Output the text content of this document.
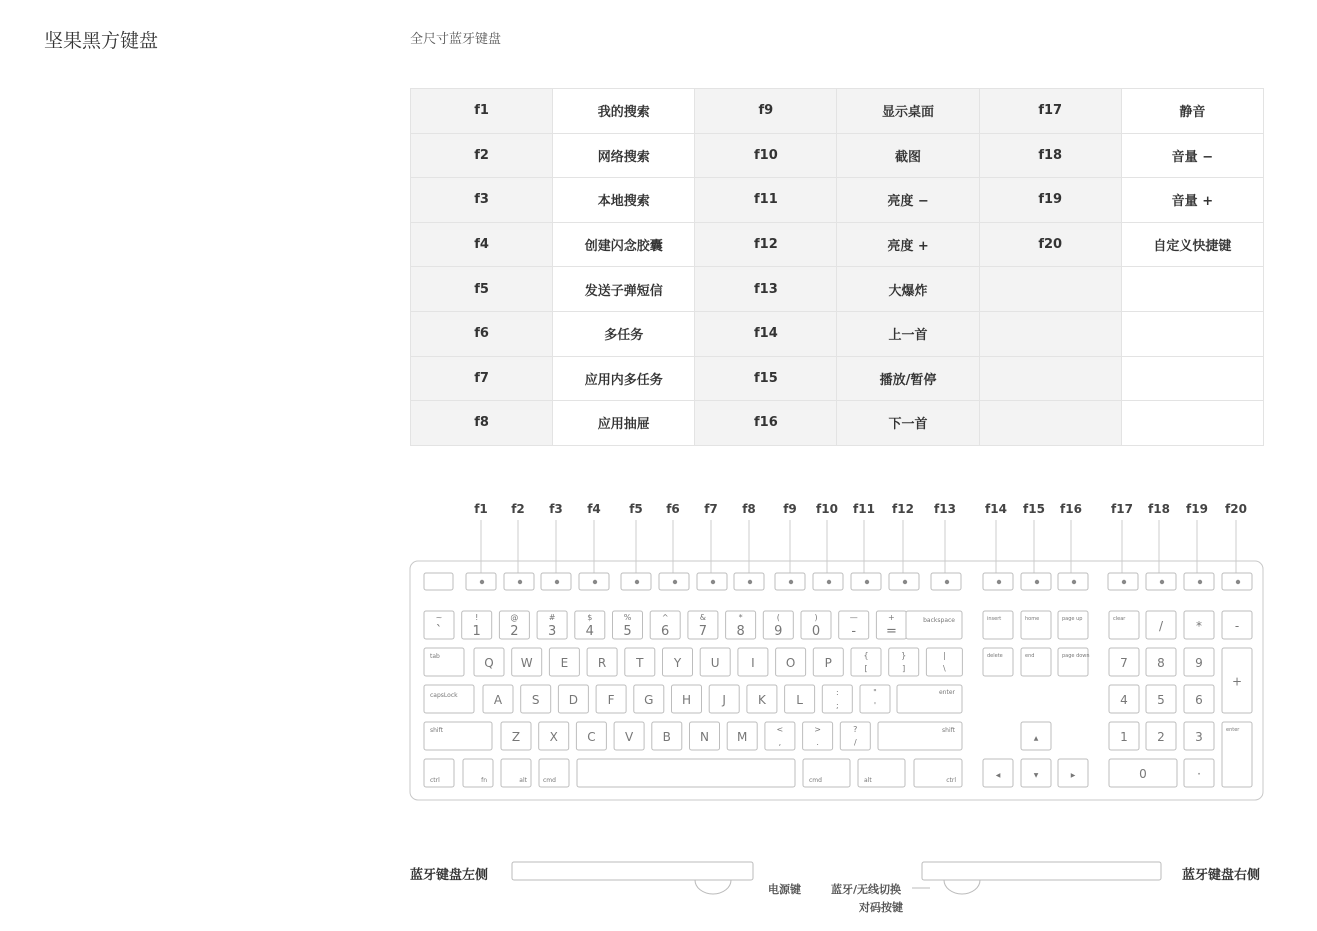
坚果黑方键盘	全尺寸蓝牙键盘
f1	我的搜索	f9	显示桌面	f17	静音
f2	网络搜索	f10	截图	f18	音量 −
f3	本地搜索	f11	亮度 −	f19	音量 +
f4	创建闪念胶囊	f12	亮度 +	f20	自定义快捷键
f5	发送子弹短信	f13	大爆炸		
f6	多任务	f14	上一首		
f7	应用内多任务	f15	播放/暂停		
f8	应用抽屉	f16	下一首		
f1 f2 f3 f4 f5 f6 f7 f8 f9 f10 f11 f12 f13 f14 f15 f16 f17 f18 f19 f20
~
`
!
1
@
2
#
3
$
4
%
5
^
6
&
7
*
8
(
9
)
0
—
-
+
=
backspace
tab	Q W E R T	Y U	I	O P
{
[
}
]
|
\
capsLock	A S D F G H	J	K	L
:
;
"
'
enter
shift	Z X C V B N M
<
,
>
.
?
/
shift
ctrl	fn	alt	cmd	cmd	alt	ctrl
insert	home	page up
delete	end	page down
▲
◀	▼	▶
clear	/	*	-
7 8	9
+
4 5	6
1 2	3	enter
0	·
蓝牙键盘左侧	蓝牙键盘右侧
电源键	蓝牙/无线切换
对码按键
